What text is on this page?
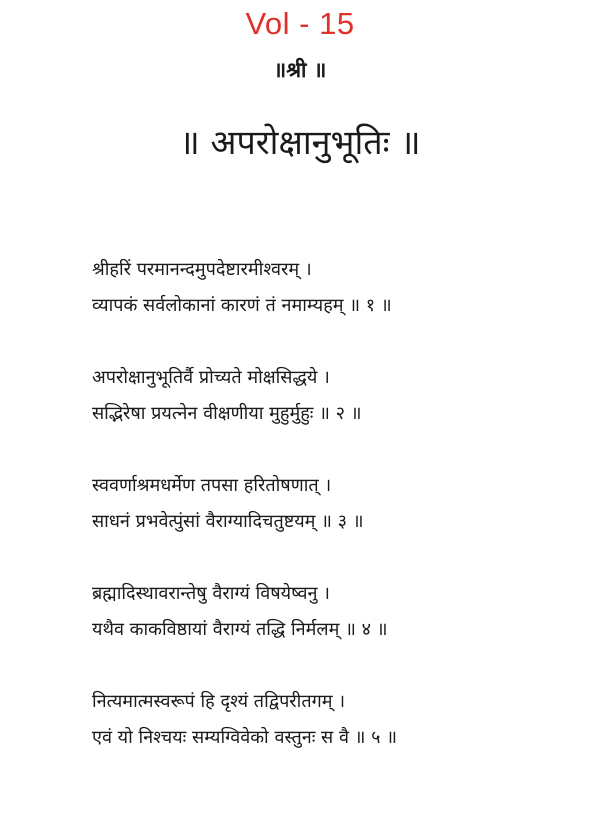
Vol - 15
॥श्री ॥
॥ अपरोक्षानुभूतिः ॥
श्रीहरिं परमानन्दमुपदेष्टारमीश्वरम् ।
व्यापकं सर्वलोकानां कारणं तं नमाम्यहम् ॥ १ ॥
अपरोक्षानुभूतिर्वै प्रोच्यते मोक्षसिद्धये ।
सद्भिरेषा प्रयत्नेन वीक्षणीया मुहुर्मुहुः ॥ २ ॥
स्ववर्णाश्रमधर्मेण तपसा हरितोषणात् ।
साधनं प्रभवेत्पुंसां वैराग्यादिचतुष्टयम् ॥ ३ ॥
ब्रह्मादिस्थावरान्तेषु वैराग्यं विषयेष्वनु ।
यथैव काकविष्ठायां वैराग्यं तद्धि निर्मलम् ॥ ४ ॥
नित्यमात्मस्वरूपं हि दृश्यं तद्विपरीतगम् ।
एवं यो निश्चयः सम्यग्विवेको वस्तुनः स वै ॥ ५ ॥
